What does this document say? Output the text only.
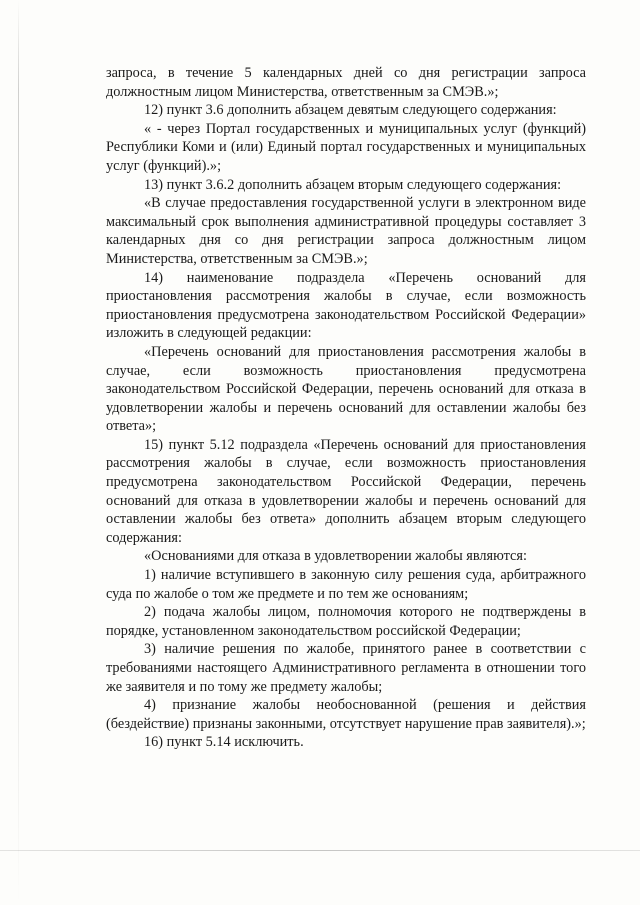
запроса, в течение 5 календарных дней со дня регистрации запроса должностным лицом Министерства, ответственным за СМЭВ.»;

12) пункт 3.6 дополнить абзацем девятым следующего содержания:

« - через Портал государственных и муниципальных услуг (функций) Республики Коми и (или) Единый портал государственных и муниципальных услуг (функций).»;

13) пункт 3.6.2 дополнить абзацем вторым следующего содержания:

«В случае предоставления государственной услуги в электронном виде максимальный срок выполнения административной процедуры составляет 3 календарных дня со дня регистрации запроса должностным лицом Министерства, ответственным за СМЭВ.»;

14) наименование подраздела «Перечень оснований для приостановления рассмотрения жалобы в случае, если возможность приостановления предусмотрена законодательством Российской Федерации» изложить в следующей редакции:

«Перечень оснований для приостановления рассмотрения жалобы в случае, если возможность приостановления предусмотрена законодательством Российской Федерации, перечень оснований для отказа в удовлетворении жалобы и перечень оснований для оставлении жалобы без ответа»;

15) пункт 5.12 подраздела «Перечень оснований для приостановления рассмотрения жалобы в случае, если возможность приостановления предусмотрена законодательством Российской Федерации, перечень оснований для отказа в удовлетворении жалобы и перечень оснований для оставлении жалобы без ответа» дополнить абзацем вторым следующего содержания:

«Основаниями для отказа в удовлетворении жалобы являются:

1) наличие вступившего в законную силу решения суда, арбитражного суда по жалобе о том же предмете и по тем же основаниям;

2) подача жалобы лицом, полномочия которого не подтверждены в порядке, установленном законодательством российской Федерации;

3) наличие решения по жалобе, принятого ранее в соответствии с требованиями настоящего Административного регламента в отношении того же заявителя и по тому же предмету жалобы;

4) признание жалобы необоснованной (решения и действия (бездействие) признаны законными, отсутствует нарушение прав заявителя).»;

16) пункт 5.14 исключить.
